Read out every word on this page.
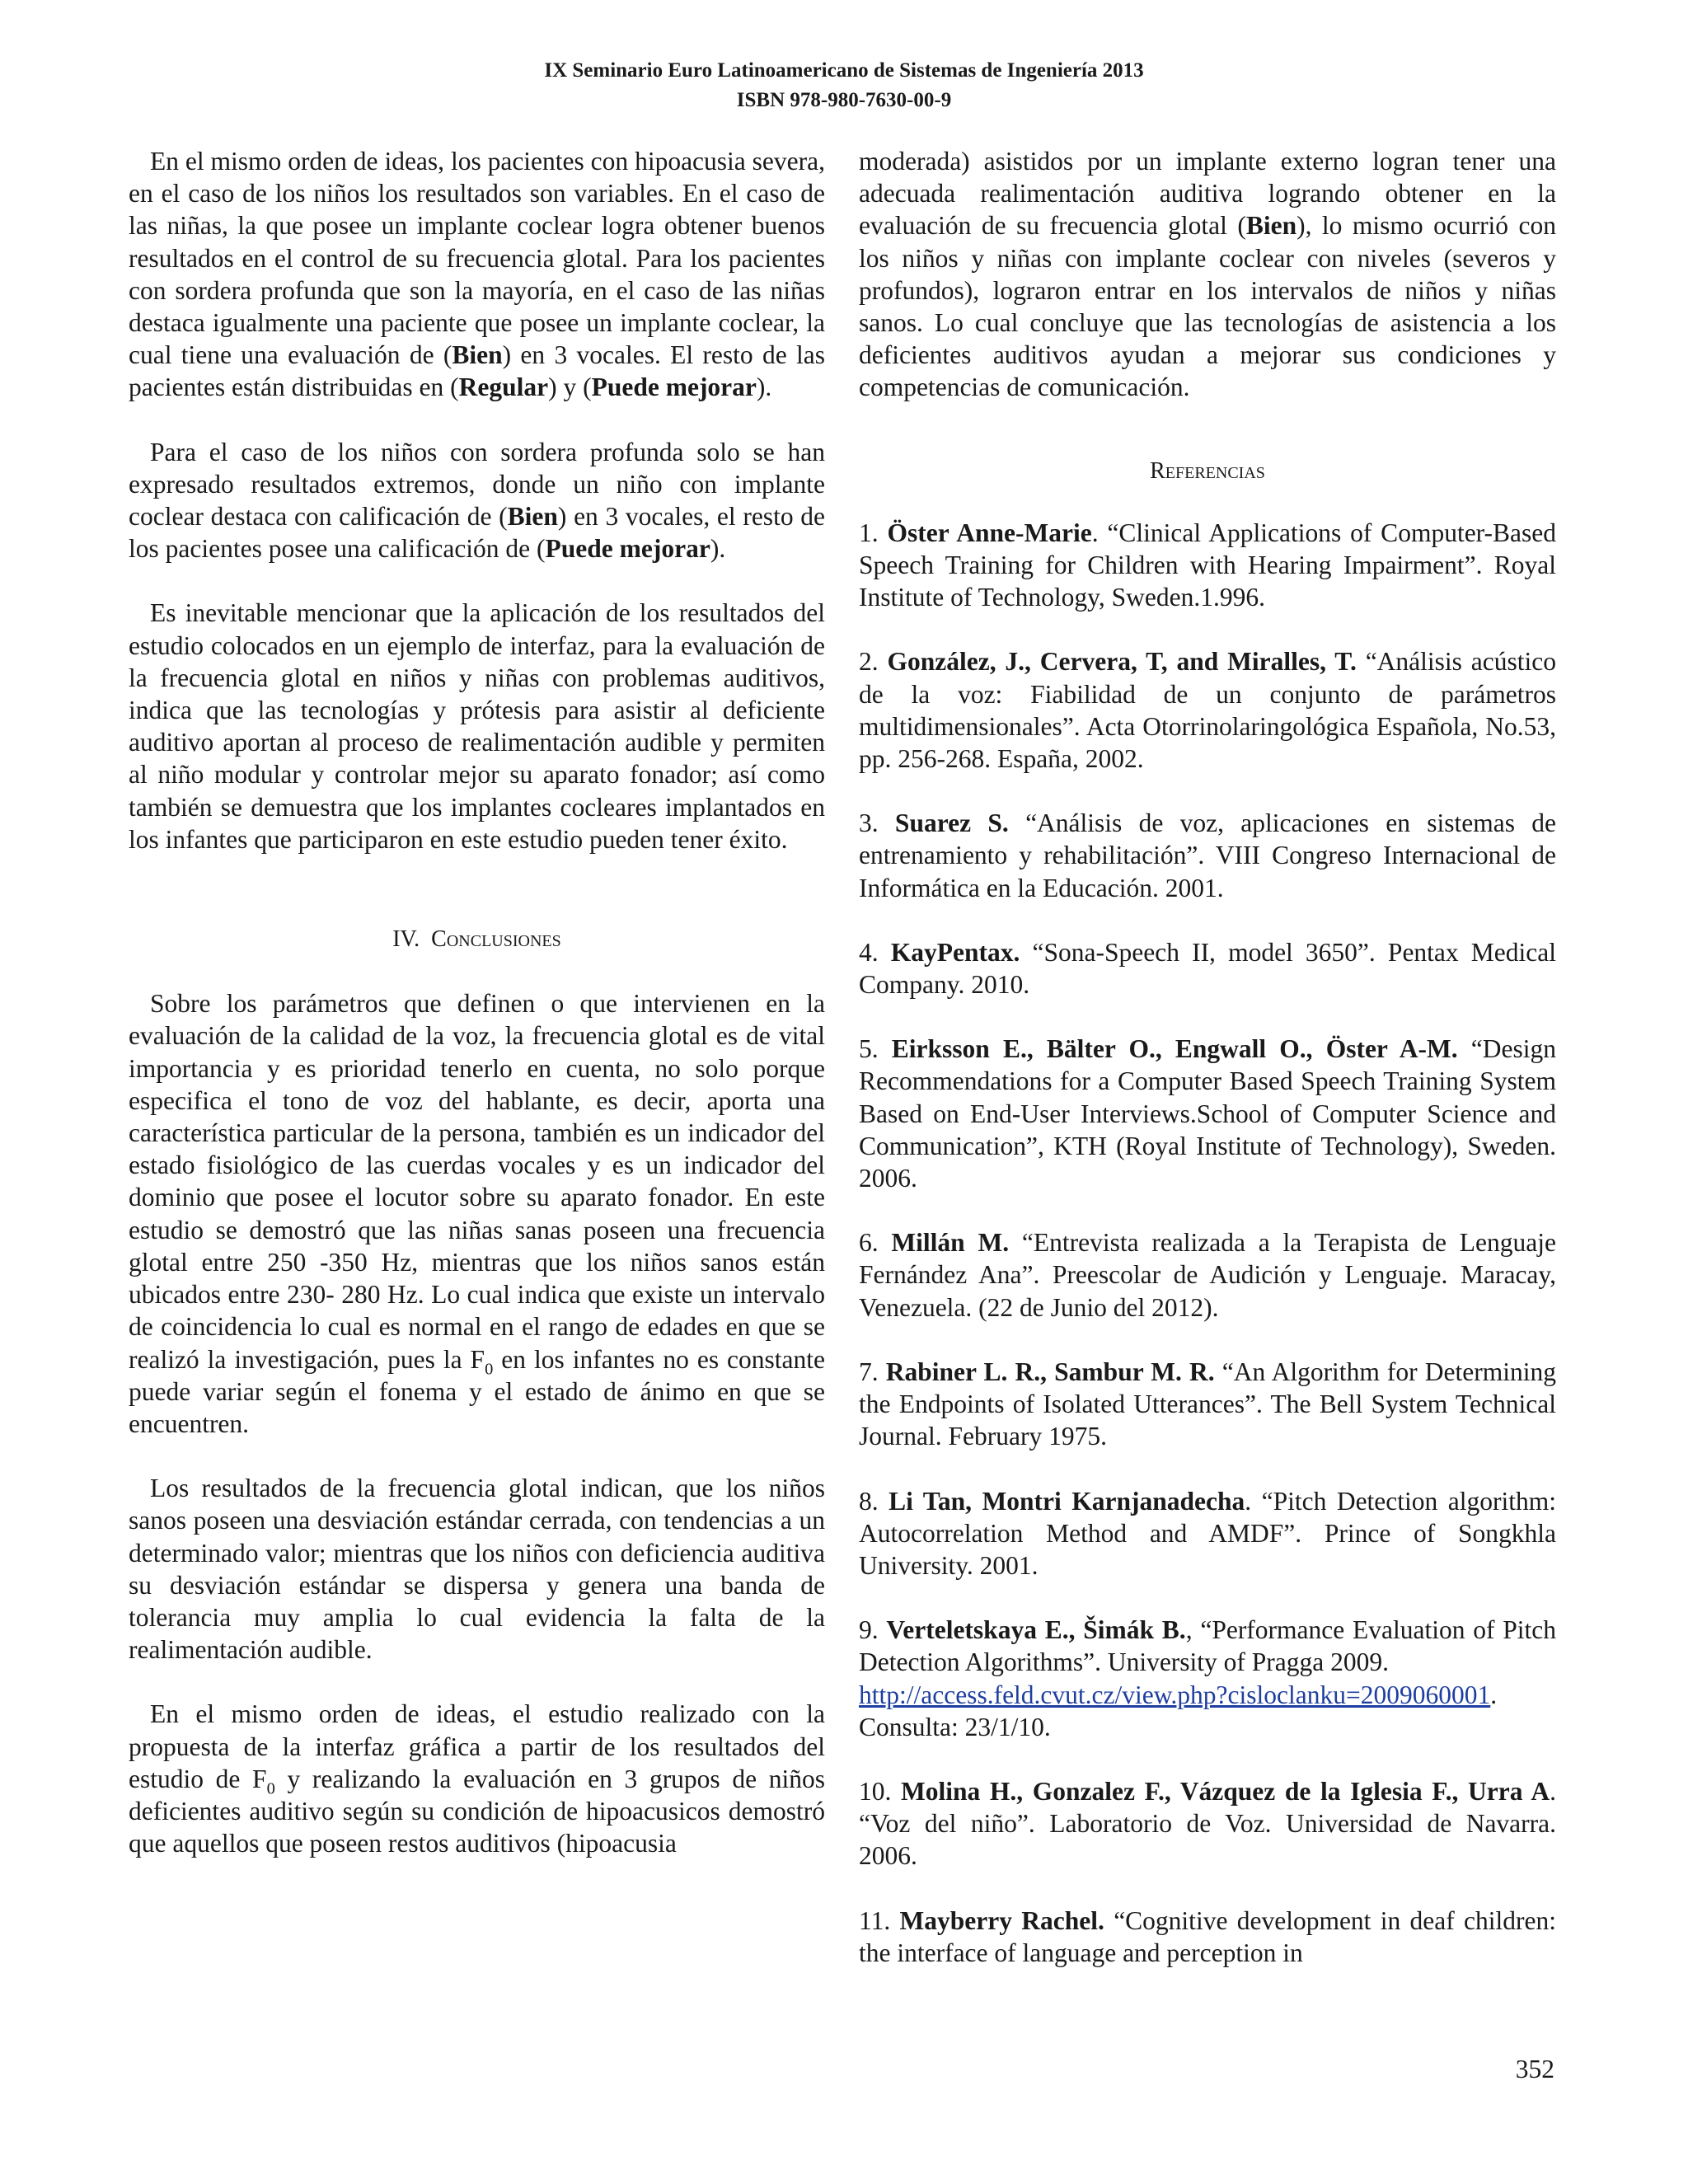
IX Seminario Euro Latinoamericano de Sistemas de Ingeniería 2013
ISBN 978-980-7630-00-9

En el mismo orden de ideas, los pacientes con hipoacusia severa, en el caso de los niños los resultados son variables. En el caso de las niñas, la que posee un implante coclear logra obtener buenos resultados en el control de su frecuencia glotal. Para los pacientes con sordera profunda que son la mayoría, en el caso de las niñas destaca igualmente una paciente que posee un implante coclear, la cual tiene una evaluación de (Bien) en 3 vocales. El resto de las pacientes están distribuidas en (Regular) y (Puede mejorar).

Para el caso de los niños con sordera profunda solo se han expresado resultados extremos, donde un niño con implante coclear destaca con calificación de (Bien) en 3 vocales, el resto de los pacientes posee una calificación de (Puede mejorar).

Es inevitable mencionar que la aplicación de los resultados del estudio colocados en un ejemplo de interfaz, para la evaluación de la frecuencia glotal en niños y niñas con problemas auditivos, indica que las tecnologías y prótesis para asistir al deficiente auditivo aportan al proceso de realimentación audible y permiten al niño modular y controlar mejor su aparato fonador; así como también se demuestra que los implantes cocleares implantados en los infantes que participaron en este estudio pueden tener éxito.

IV. Conclusiones

Sobre los parámetros que definen o que intervienen en la evaluación de la calidad de la voz, la frecuencia glotal es de vital importancia y es prioridad tenerlo en cuenta, no solo porque especifica el tono de voz del hablante, es decir, aporta una característica particular de la persona, también es un indicador del estado fisiológico de las cuerdas vocales y es un indicador del dominio que posee el locutor sobre su aparato fonador. En este estudio se demostró que las niñas sanas poseen una frecuencia glotal entre 250 -350 Hz, mientras que los niños sanos están ubicados entre 230- 280 Hz. Lo cual indica que existe un intervalo de coincidencia lo cual es normal en el rango de edades en que se realizó la investigación, pues la $F_0$ en los infantes no es constante puede variar según el fonema y el estado de ánimo en que se encuentren.

Los resultados de la frecuencia glotal indican, que los niños sanos poseen una desviación estándar cerrada, con tendencias a un determinado valor; mientras que los niños con deficiencia auditiva su desviación estándar se dispersa y genera una banda de tolerancia muy amplia lo cual evidencia la falta de la realimentación audible.

En el mismo orden de ideas, el estudio realizado con la propuesta de la interfaz gráfica a partir de los resultados del estudio de $F_0$ y realizando la evaluación en 3 grupos de niños deficientes auditivo según su condición de hipoacusicos demostró que aquellos que poseen restos auditivos (hipoacusia

moderada) asistidos por un implante externo logran tener una adecuada realimentación auditiva logrando obtener en la evaluación de su frecuencia glotal (Bien), lo mismo ocurrió con los niños y niñas con implante coclear con niveles (severos y profundos), lograron entrar en los intervalos de niños y niñas sanos. Lo cual concluye que las tecnologías de asistencia a los deficientes auditivos ayudan a mejorar sus condiciones y competencias de comunicación.

Referencias

1. Öster Anne-Marie. “Clinical Applications of Computer-Based Speech Training for Children with Hearing Impairment”. Royal Institute of Technology, Sweden.1.996.

2. González, J., Cervera, T, and Miralles, T. “Análisis acústico de la voz: Fiabilidad de un conjunto de parámetros multidimensionales”. Acta Otorrinolaringológica Española, No.53, pp. 256-268. España, 2002.

3. Suarez S. “Análisis de voz, aplicaciones en sistemas de entrenamiento y rehabilitación”. VIII Congreso Internacional de Informática en la Educación. 2001.

4. KayPentax. “Sona-Speech II, model 3650”. Pentax Medical Company. 2010.

5. Eirksson E., Bälter O., Engwall O., Öster A-M. “Design Recommendations for a Computer Based Speech Training System Based on End-User Interviews.School of Computer Science and Communication”, KTH (Royal Institute of Technology), Sweden. 2006.

6. Millán M. “Entrevista realizada a la Terapista de Lenguaje Fernández Ana”. Preescolar de Audición y Lenguaje. Maracay, Venezuela. (22 de Junio del 2012).

7. Rabiner L. R., Sambur M. R. “An Algorithm for Determining the Endpoints of Isolated Utterances”. The Bell System Technical Journal. February 1975.

8. Li Tan, Montri Karnjanadecha. “Pitch Detection algorithm: Autocorrelation Method and AMDF”. Prince of Songkhla University. 2001.

9. Verteletskaya E., Šimák B., “Performance Evaluation of Pitch Detection Algorithms”. University of Pragga 2009.
http://access.feld.cvut.cz/view.php?cisloclanku=2009060001.
Consulta: 23/1/10.

10. Molina H., Gonzalez F., Vázquez de la Iglesia F., Urra A. “Voz del niño”. Laboratorio de Voz. Universidad de Navarra. 2006.

11. Mayberry Rachel. “Cognitive development in deaf children: the interface of language and perception in

352
